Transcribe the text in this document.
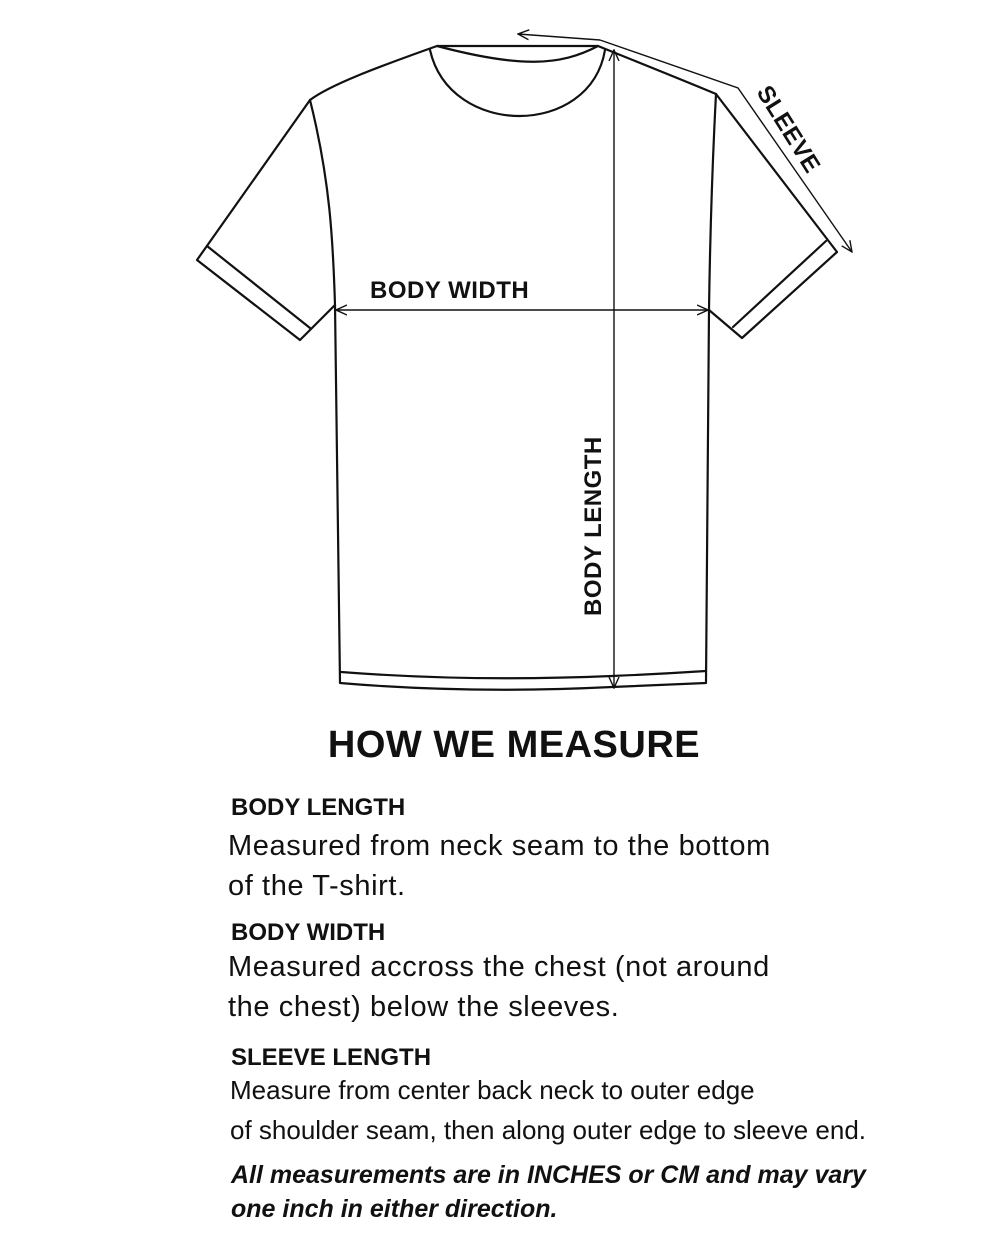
SLEEVE
BODY WIDTH
BODY LENGTH
HOW WE MEASURE
BODY LENGTH

Measured from neck seam to the bottom
of the T-shirt.

BODY WIDTH

Measured accross the chest (not around
the chest) below the sleeves.

SLEEVE LENGTH

Measure from center back neck to outer edge
of shoulder seam, then along outer edge to sleeve end.

All measurements are in INCHES or CM and may vary
one inch in either direction.
